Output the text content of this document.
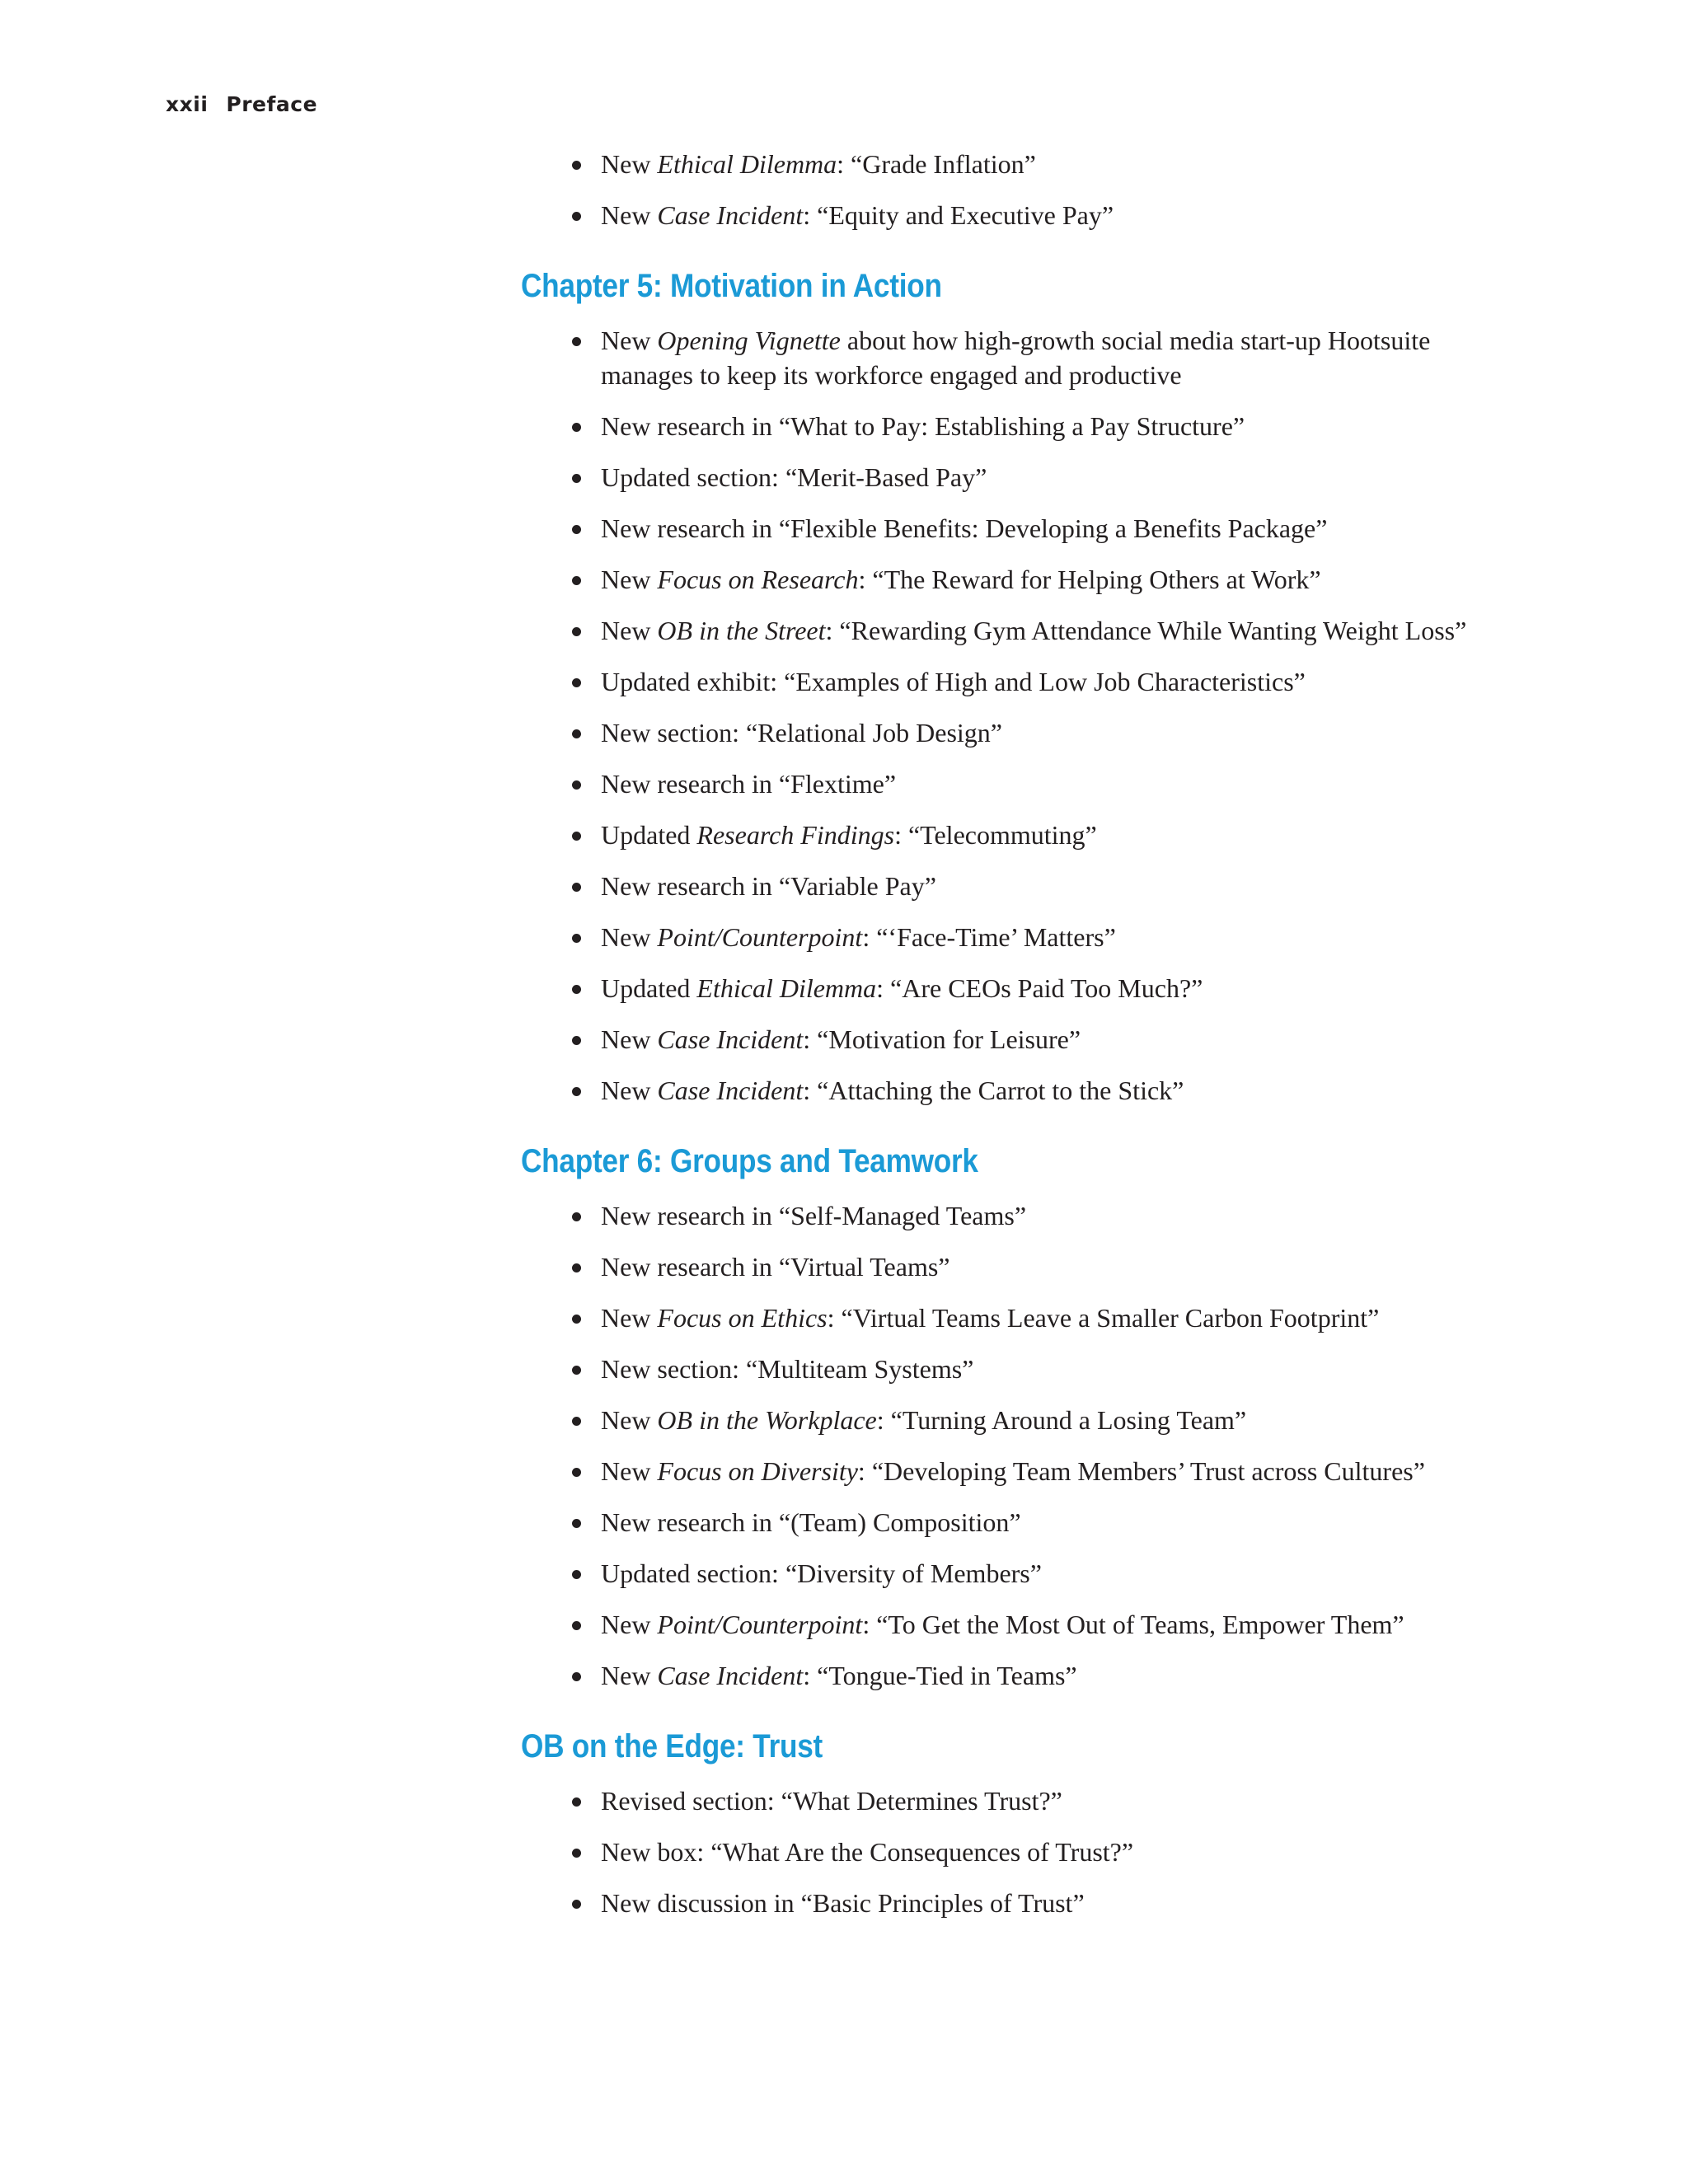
xxii Preface
New Ethical Dilemma: “Grade Inflation”
New Case Incident: “Equity and Executive Pay”
Chapter 5: Motivation in Action
New Opening Vignette about how high-growth social media start-up Hootsuite manages to keep its workforce engaged and productive
New research in “What to Pay: Establishing a Pay Structure”
Updated section: “Merit-Based Pay”
New research in “Flexible Benefits: Developing a Benefits Package”
New Focus on Research: “The Reward for Helping Others at Work”
New OB in the Street: “Rewarding Gym Attendance While Wanting Weight Loss”
Updated exhibit: “Examples of High and Low Job Characteristics”
New section: “Relational Job Design”
New research in “Flextime”
Updated Research Findings: “Telecommuting”
New research in “Variable Pay”
New Point/Counterpoint: “‘Face-Time’ Matters”
Updated Ethical Dilemma: “Are CEOs Paid Too Much?”
New Case Incident: “Motivation for Leisure”
New Case Incident: “Attaching the Carrot to the Stick”
Chapter 6: Groups and Teamwork
New research in “Self-Managed Teams”
New research in “Virtual Teams”
New Focus on Ethics: “Virtual Teams Leave a Smaller Carbon Footprint”
New section: “Multiteam Systems”
New OB in the Workplace: “Turning Around a Losing Team”
New Focus on Diversity: “Developing Team Members’ Trust across Cultures”
New research in “(Team) Composition”
Updated section: “Diversity of Members”
New Point/Counterpoint: “To Get the Most Out of Teams, Empower Them”
New Case Incident: “Tongue-Tied in Teams”
OB on the Edge: Trust
Revised section: “What Determines Trust?”
New box: “What Are the Consequences of Trust?”
New discussion in “Basic Principles of Trust”
